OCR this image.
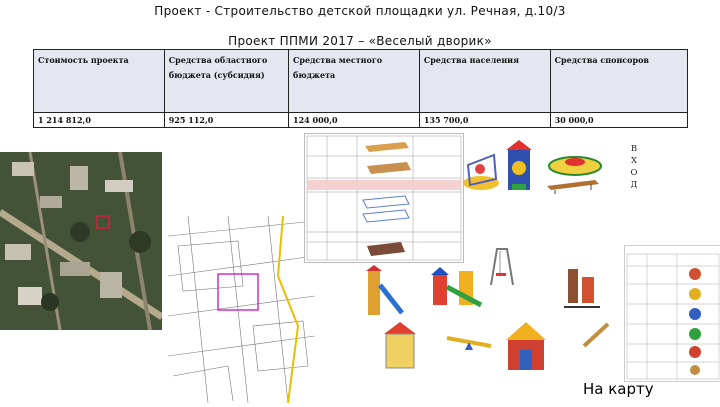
Проект - Строительство детской площадки ул. Речная, д.10/3
Проект ППМИ 2017 – «Веселый дворик»
Стоимость проекта	Средства областного бюджета (субсидия)	Средства местного бюджета	Средства населения	Средства спонсоров
1 214 812,0	925 112,0	124 000,0	135 700,0	30 000,0
В Х О Д
На карту
